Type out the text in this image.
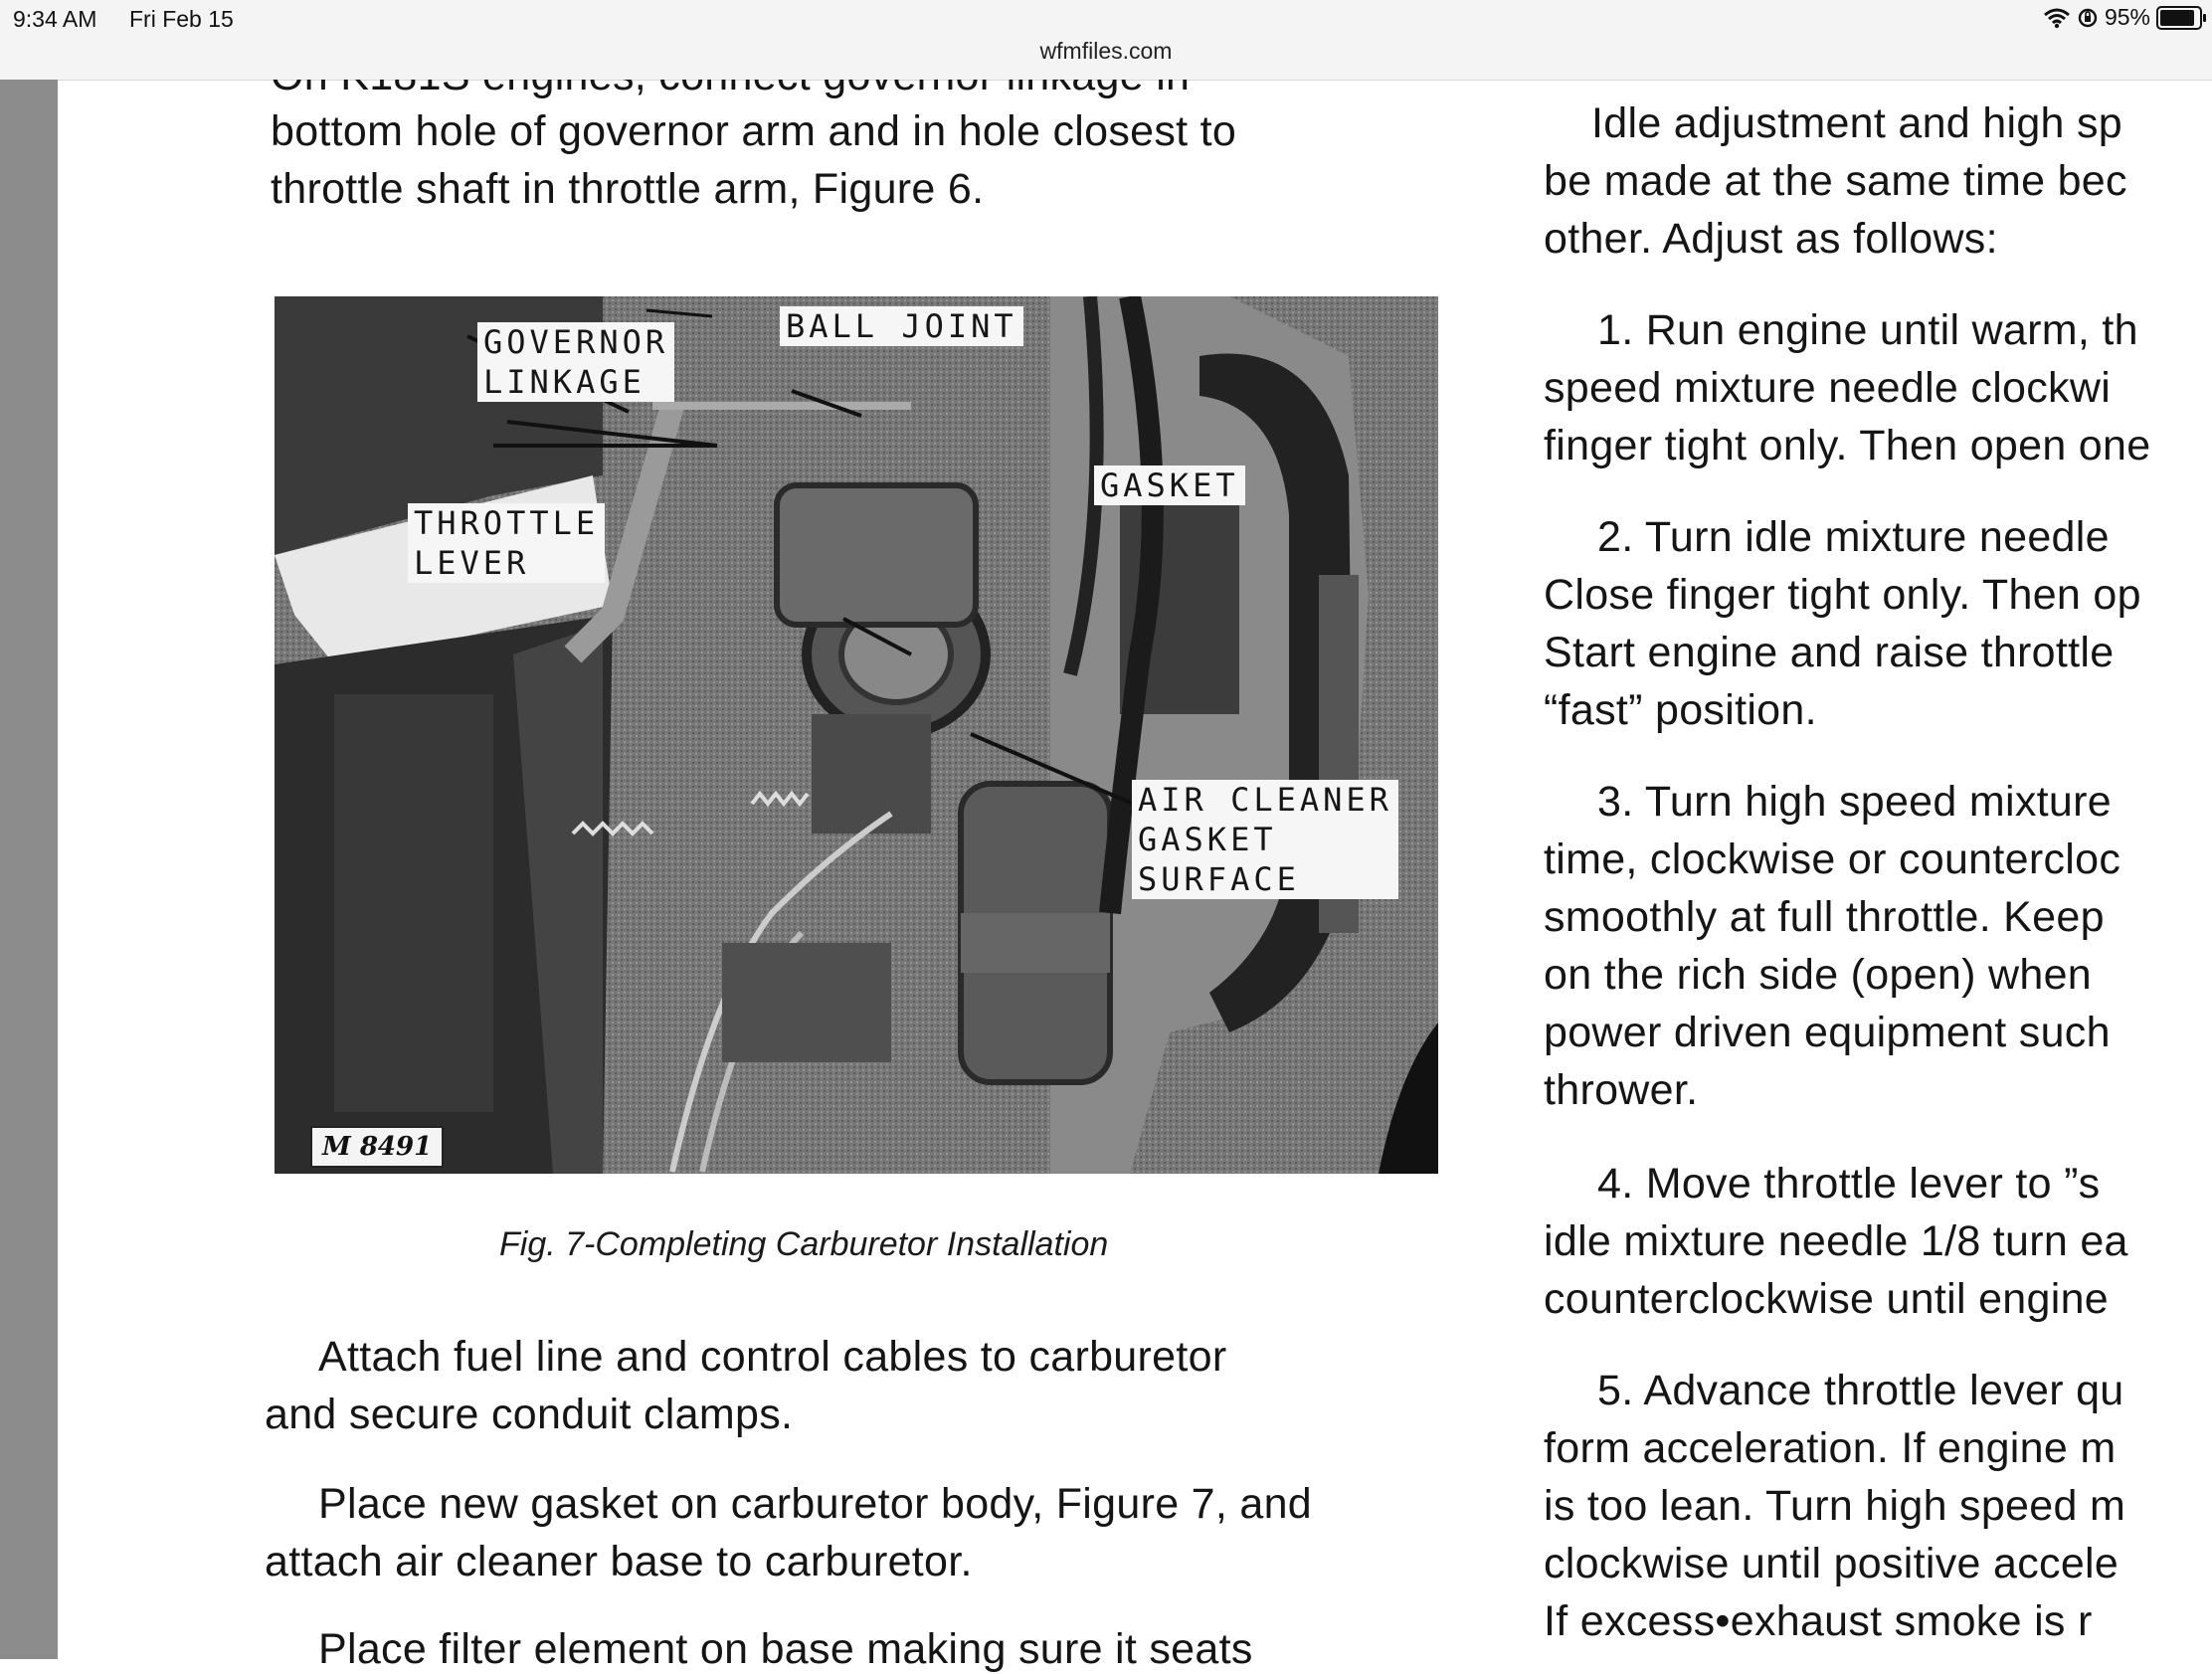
9:34 AM Fri Feb 15
wfmfiles.com
95%
bottom hole of governor arm and in hole closest to
throttle shaft in throttle arm, Figure 6.
GOVERNOR
LINKAGE
BALL JOINT
GASKET
THROTTLE
LEVER
AIR CLEANER
GASKET
SURFACE
M 8491
Fig. 7-Completing Carburetor Installation
Attach fuel line and control cables to carburetor
and secure conduit clamps.
Place new gasket on carburetor body, Figure 7, and
attach air cleaner base to carburetor.
Place filter element on base making sure it seats
Idle adjustment and high sp
be made at the same time bec
other. Adjust as follows:
1. Run engine until warm, th
speed mixture needle clockwi
finger tight only. Then open one
2. Turn idle mixture needle
Close finger tight only. Then op
Start engine and raise throttle
“fast” position.
3. Turn high speed mixture
time, clockwise or countercloc
smoothly at full throttle. Keep
on the rich side (open) when
power driven equipment such
thrower.
4. Move throttle lever to ”s
idle mixture needle 1/8 turn ea
counterclockwise until engine
5. Advance throttle lever qu
form acceleration. If engine m
is too lean. Turn high speed m
clockwise until positive accele
If excess•exhaust smoke is r
